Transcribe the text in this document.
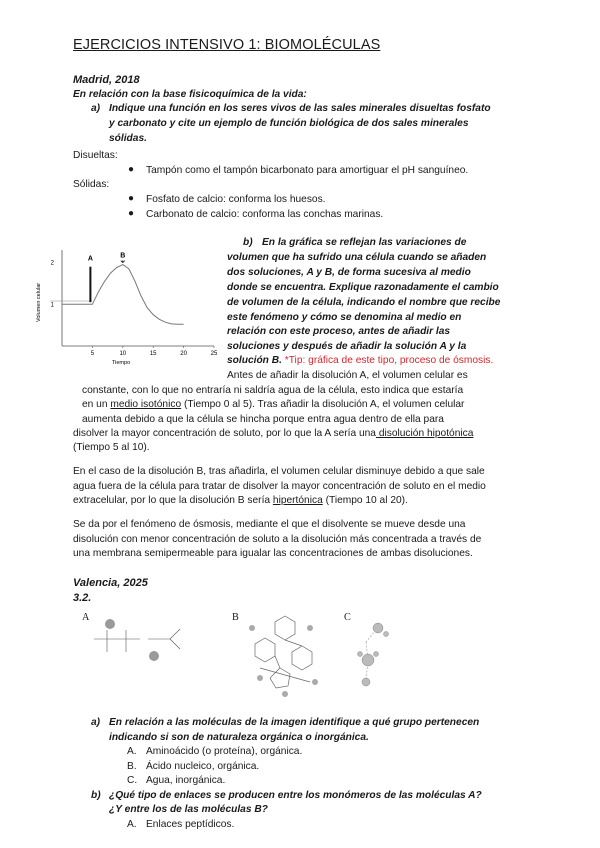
EJERCICIOS INTENSIVO 1: BIOMOLÉCULAS

Madrid, 2018

En relación con la base fisicoquímica de la vida:

a) Indique una función en los seres vivos de las sales minerales disueltas fosfato

y carbonato y cite un ejemplo de función biológica de dos sales minerales

sólidas.

Disueltas:

● Tampón como el tampón bicarbonato para amortiguar el pH sanguíneo.

Sólidas:

● Fosfato de calcio: conforma los huesos.

● Carbonato de calcio: conforma las conchas marinas.

5	10	15	20	25
1
2
A	B
Volumen celular
Tiempo

b) En la gráfica se reflejan las variaciones de

volumen que ha sufrido una célula cuando se añaden

dos soluciones, A y B, de forma sucesiva al medio

donde se encuentra. Explique razonadamente el cambio

de volumen de la célula, indicando el nombre que recibe

este fenómeno y cómo se denomina al medio en

relación con este proceso, antes de añadir las

soluciones y después de añadir la solución A y la

solución B. *Tip: gráfica de este tipo, proceso de ósmosis.

Antes de añadir la disolución A, el volumen celular es

constante, con lo que no entraría ni saldría agua de la célula, esto indica que estaría

en un medio isotónico (Tiempo 0 al 5). Tras añadir la disolución A, el volumen celular

aumenta debido a que la célula se hincha porque entra agua dentro de ella para

disolver la mayor concentración de soluto, por lo que la A sería una disolución hipotónica

(Tiempo 5 al 10).

En el caso de la disolución B, tras añadirla, el volumen celular disminuye debido a que sale

agua fuera de la célula para tratar de disolver la mayor concentración de soluto en el medio

extracelular, por lo que la disolución B sería hipertónica (Tiempo 10 al 20).

Se da por el fenómeno de ósmosis, mediante el que el disolvente se mueve desde una

disolución con menor concentración de soluto a la disolución más concentrada a través de

una membrana semipermeable para igualar las concentraciones de ambas disoluciones.

Valencia, 2025

3.2.

A	B	C

a) En relación a las moléculas de la imagen identifique a qué grupo pertenecen

indicando si son de naturaleza orgánica o inorgánica.

A. Aminoácido (o proteína), orgánica.

B. Ácido nucleico, orgánica.

C. Agua, inorgánica.

b) ¿Qué tipo de enlaces se producen entre los monómeros de las moléculas A?

¿Y entre los de las moléculas B?

A. Enlaces peptídicos.
